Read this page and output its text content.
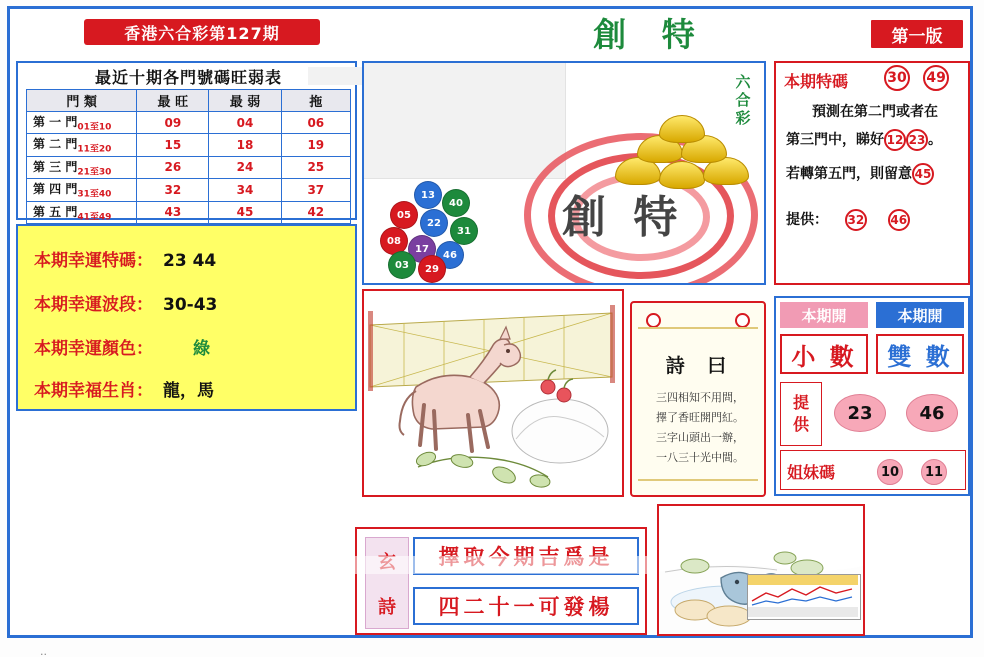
香港六合彩第127期	創 特	第一版
最近十期各門號碼旺弱表
門 類	最 旺	最 弱	拖
第 一 門$_{01至10}$	09	04	06
第 二 門$_{11至20}$	15	18	19
第 三 門$_{21至30}$	26	24	25
第 四 門$_{31至40}$	32	34	37
第 五 門$_{41至49}$	43	45	42
本期幸運特碼： 23 44
本期幸運波段： 30-43
本期幸運顏色： 綠
本期幸福生肖： 龍，馬
六合彩
創 特
13
40
05
22
31
08
17
46
03	29
詩 曰
三四相知不用問，
擇了香旺開門紅。
三字山頭出一辦，
一八三十光中間。
詩	四二十一可發楊
本期特碼	30 49
預測在第二門或者在
第三門中，睇好 12 23 。
若轉第五門，則留意 45
提供： 32 46
本期開	本期開
小 數	雙 數
提
供
23	46
姐妹碼	10	11
..
